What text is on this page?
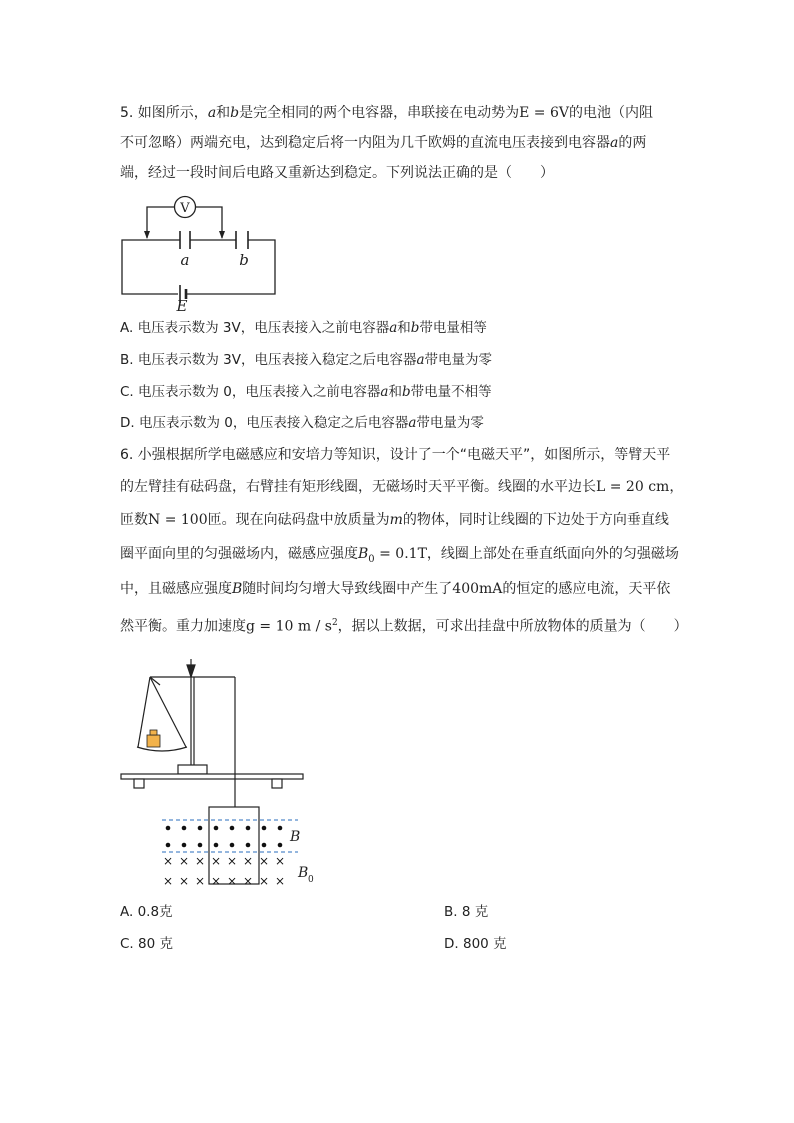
5. 如图所示，a和b是完全相同的两个电容器，串联接在电动势为E = 6V的电池（内阻
不可忽略）两端充电，达到稳定后将一内阻为几千欧姆的直流电压表接到电容器a的两
端，经过一段时间后电路又重新达到稳定。下列说法正确的是（　　）
V
a	b
E
A. 电压表示数为 3V，电压表接入之前电容器a和b带电量相等
B. 电压表示数为 3V，电压表接入稳定之后电容器a带电量为零
C. 电压表示数为 0，电压表接入之前电容器a和b带电量不相等
D. 电压表示数为 0，电压表接入稳定之后电容器a带电量为零
6. 小强根据所学电磁感应和安培力等知识，设计了一个“电磁天平”，如图所示，等臂天平
的左臂挂有砝码盘，右臂挂有矩形线圈，无磁场时天平平衡。线圈的水平边长L = 20 cm，
匝数N = 100匝。现在向砝码盘中放质量为m的物体，同时让线圈的下边处于方向垂直线
圈平面向里的匀强磁场内，磁感应强度$B_0 = 0.1T$，线圈上部处在垂直纸面向外的匀强磁场
中，且磁感应强度B随时间均匀增大导致线圈中产生了400mA的恒定的感应电流，天平依
然平衡。重力加速度g = 10 m / $s^2$，据以上数据，可求出挂盘中所放物体的质量为（　　）
× × × × × × × ×
× × × × × × × ×
B
B 0
A. 0.8克	B. 8 克
C. 80 克	D. 800 克
